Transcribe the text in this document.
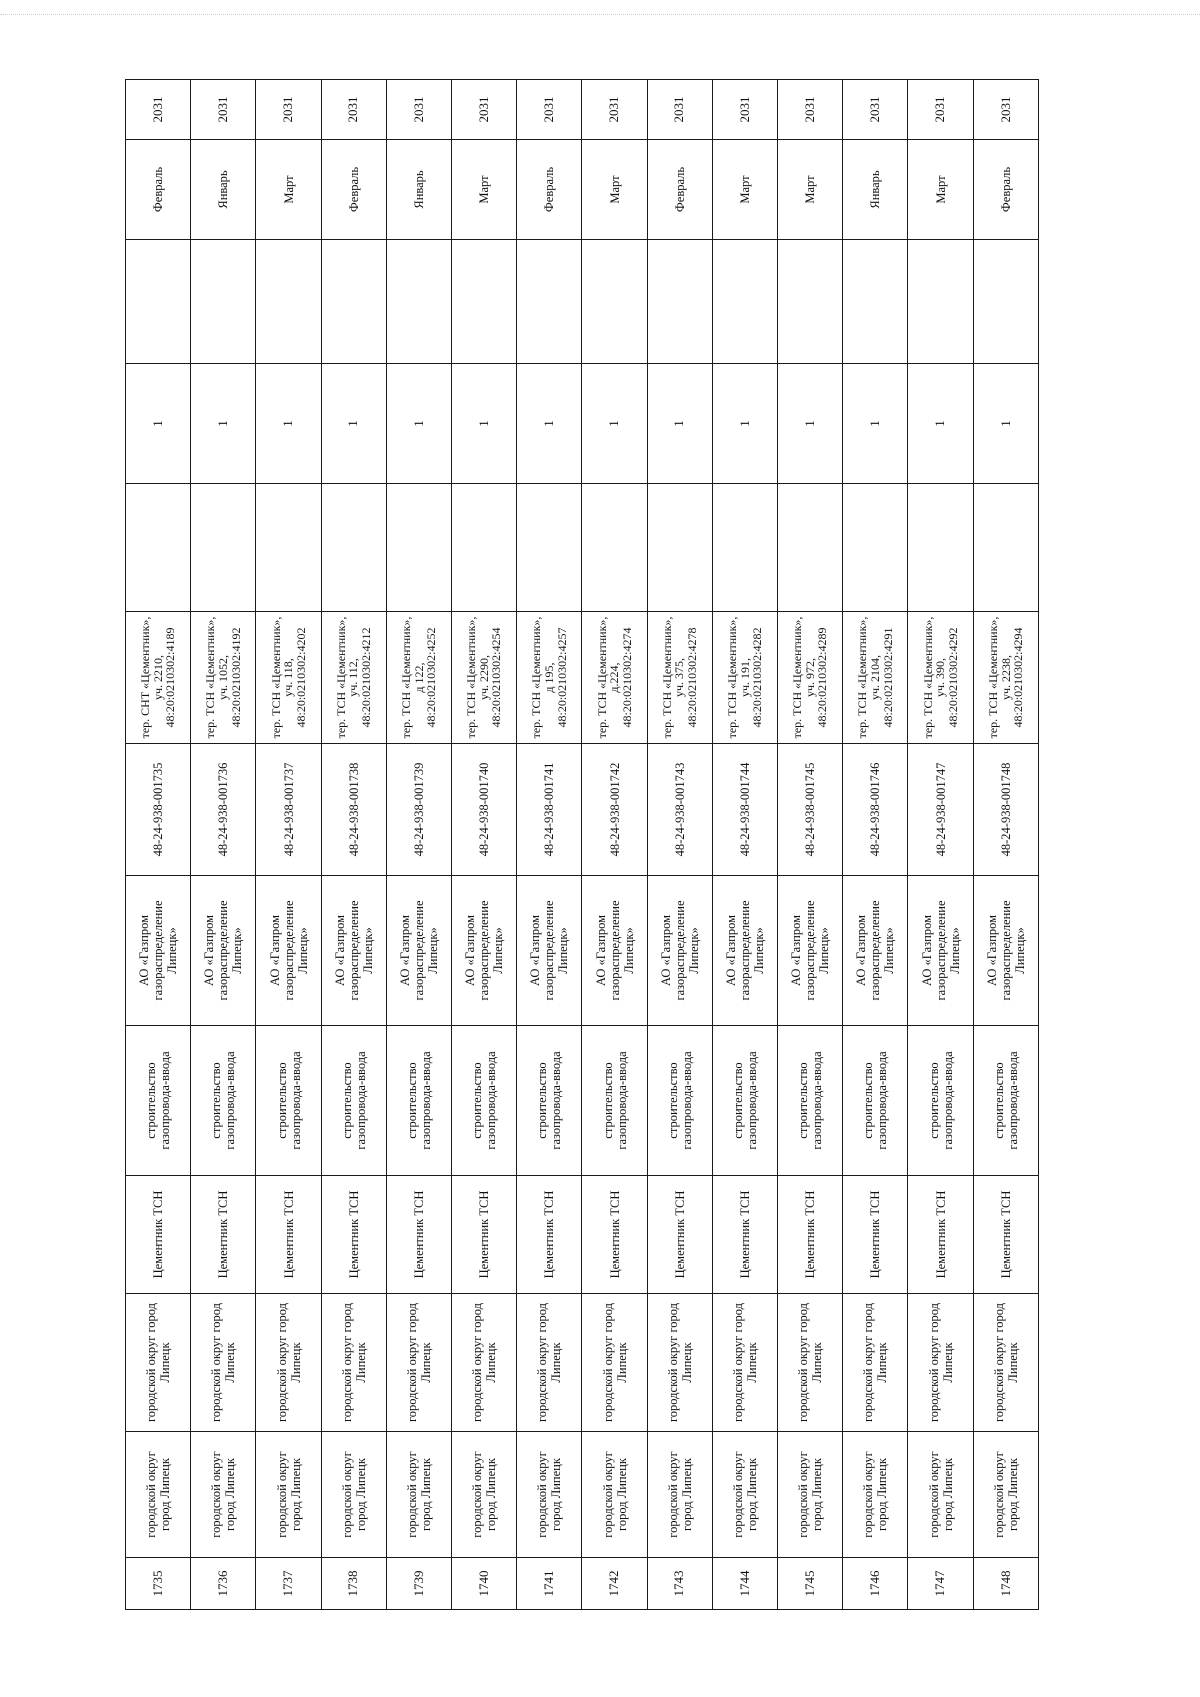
1735	городской округ город Липецк	городской округ город Липецк	Цементник ТСН	строительство газопровода-ввода	АО «Газпром газораспределение Липецк»	48-24-938-001735	тер. СНТ «Цементник», уч. 2210, 48:20:0210302:4189		1		Февраль	2031
1736	городской округ город Липецк	городской округ город Липецк	Цементник ТСН	строительство газопровода-ввода	АО «Газпром газораспределение Липецк»	48-24-938-001736	тер. ТСН «Цементник», уч. 1052, 48:20:0210302:4192		1		Январь	2031
1737	городской округ город Липецк	городской округ город Липецк	Цементник ТСН	строительство газопровода-ввода	АО «Газпром газораспределение Липецк»	48-24-938-001737	тер. ТСН «Цементник», уч. 118, 48:20:0210302:4202		1		Март	2031
1738	городской округ город Липецк	городской округ город Липецк	Цементник ТСН	строительство газопровода-ввода	АО «Газпром газораспределение Липецк»	48-24-938-001738	тер. ТСН «Цементник», уч. 112, 48:20:0210302:4212		1		Февраль	2031
1739	городской округ город Липецк	городской округ город Липецк	Цементник ТСН	строительство газопровода-ввода	АО «Газпром газораспределение Липецк»	48-24-938-001739	тер. ТСН «Цементник», д 122, 48:20:0210302:4252		1		Январь	2031
1740	городской округ город Липецк	городской округ город Липецк	Цементник ТСН	строительство газопровода-ввода	АО «Газпром газораспределение Липецк»	48-24-938-001740	тер. ТСН «Цементник», уч. 2290, 48:20:0210302:4254		1		Март	2031
1741	городской округ город Липецк	городской округ город Липецк	Цементник ТСН	строительство газопровода-ввода	АО «Газпром газораспределение Липецк»	48-24-938-001741	тер. ТСН «Цементник», д 195, 48:20:0210302:4257		1		Февраль	2031
1742	городской округ город Липецк	городской округ город Липецк	Цементник ТСН	строительство газопровода-ввода	АО «Газпром газораспределение Липецк»	48-24-938-001742	тер. ТСН «Цементник», д.224, 48:20:0210302:4274		1		Март	2031
1743	городской округ город Липецк	городской округ город Липецк	Цементник ТСН	строительство газопровода-ввода	АО «Газпром газораспределение Липецк»	48-24-938-001743	тер. ТСН «Цементник», уч. 375, 48:20:0210302:4278		1		Февраль	2031
1744	городской округ город Липецк	городской округ город Липецк	Цементник ТСН	строительство газопровода-ввода	АО «Газпром газораспределение Липецк»	48-24-938-001744	тер. ТСН «Цементник», уч. 191, 48:20:0210302:4282		1		Март	2031
1745	городской округ город Липецк	городской округ город Липецк	Цементник ТСН	строительство газопровода-ввода	АО «Газпром газораспределение Липецк»	48-24-938-001745	тер. ТСН «Цементник», уч. 972, 48:20:0210302:4289		1		Март	2031
1746	городской округ город Липецк	городской округ город Липецк	Цементник ТСН	строительство газопровода-ввода	АО «Газпром газораспределение Липецк»	48-24-938-001746	тер. ТСН «Цементник», уч. 2104, 48:20:0210302:4291		1		Январь	2031
1747	городской округ город Липецк	городской округ город Липецк	Цементник ТСН	строительство газопровода-ввода	АО «Газпром газораспределение Липецк»	48-24-938-001747	тер. ТСН «Цементник», уч. 390, 48:20:0210302:4292		1		Март	2031
1748	городской округ город Липецк	городской округ город Липецк	Цементник ТСН	строительство газопровода-ввода	АО «Газпром газораспределение Липецк»	48-24-938-001748	тер. ТСН «Цементник», уч. 2238, 48:20:0210302:4294		1		Февраль	2031
